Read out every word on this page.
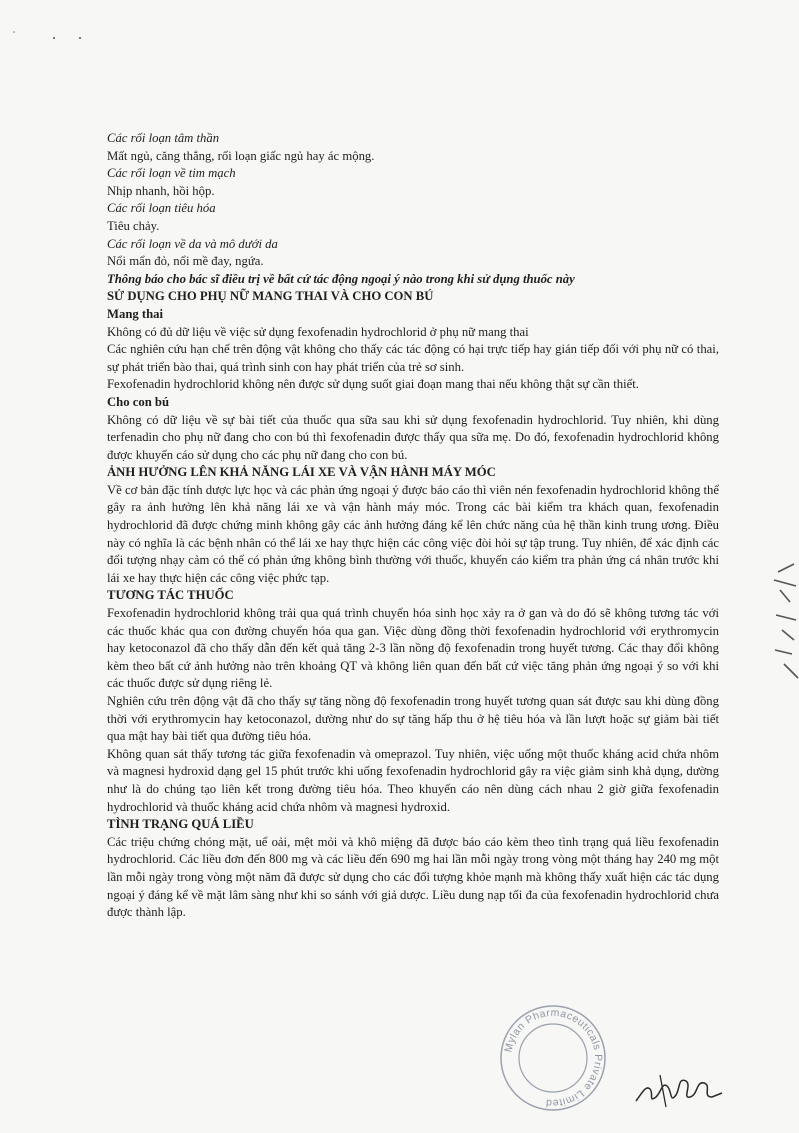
Các rối loạn tâm thần

Mất ngủ, căng thẳng, rối loạn giấc ngủ hay ác mộng.

Các rối loạn về tim mạch

Nhịp nhanh, hồi hộp.

Các rối loạn tiêu hóa

Tiêu chảy.

Các rối loạn về da và mô dưới da

Nổi mẩn đỏ, nổi mề đay, ngứa.

Thông báo cho bác sĩ điều trị về bất cứ tác động ngoại ý nào trong khi sử dụng thuốc này

SỬ DỤNG CHO PHỤ NỮ MANG THAI VÀ CHO CON BÚ

Mang thai

Không có đủ dữ liệu về việc sử dụng fexofenadin hydrochlorid ở phụ nữ mang thai

Các nghiên cứu hạn chế trên động vật không cho thấy các tác động có hại trực tiếp hay gián tiếp đối với phụ nữ có thai, sự phát triển bào thai, quá trình sinh con hay phát triển của trẻ sơ sinh.

Fexofenadin hydrochlorid không nên được sử dụng suốt giai đoạn mang thai nếu không thật sự cần thiết.

Cho con bú

Không có dữ liệu về sự bài tiết của thuốc qua sữa sau khi sử dụng fexofenadin hydrochlorid. Tuy nhiên, khi dùng terfenadin cho phụ nữ đang cho con bú thì fexofenadin được thấy qua sữa mẹ. Do đó, fexofenadin hydrochlorid không được khuyến cáo sử dụng cho các phụ nữ đang cho con bú.

ẢNH HƯỞNG LÊN KHẢ NĂNG LÁI XE VÀ VẬN HÀNH MÁY MÓC

Về cơ bản đặc tính dược lực học và các phản ứng ngoại ý được báo cáo thì viên nén fexofenadin hydrochlorid không thể gây ra ảnh hưởng lên khả năng lái xe và vận hành máy móc. Trong các bài kiểm tra khách quan, fexofenadin hydrochlorid đã được chứng minh không gây các ảnh hưởng đáng kể lên chức năng của hệ thần kinh trung ương. Điều này có nghĩa là các bệnh nhân có thể lái xe hay thực hiện các công việc đòi hỏi sự tập trung. Tuy nhiên, để xác định các đối tượng nhạy cảm có thể có phản ứng không bình thường với thuốc, khuyến cáo kiểm tra phản ứng cá nhân trước khi lái xe hay thực hiện các công việc phức tạp.

TƯƠNG TÁC THUỐC

Fexofenadin hydrochlorid không trải qua quá trình chuyển hóa sinh học xảy ra ở gan và do đó sẽ không tương tác với các thuốc khác qua con đường chuyển hóa qua gan. Việc dùng đồng thời fexofenadin hydrochlorid với erythromycin hay ketoconazol đã cho thấy dẫn đến kết quả tăng 2-3 lần nồng độ fexofenadin trong huyết tương. Các thay đổi không kèm theo bất cứ ảnh hưởng nào trên khoảng QT và không liên quan đến bất cứ việc tăng phản ứng ngoại ý so với khi các thuốc được sử dụng riêng lẻ.

Nghiên cứu trên động vật đã cho thấy sự tăng nồng độ fexofenadin trong huyết tương quan sát được sau khi dùng đồng thời với erythromycin hay ketoconazol, dường như do sự tăng hấp thu ở hệ tiêu hóa và lần lượt hoặc sự giảm bài tiết qua mật hay bài tiết qua đường tiêu hóa.

Không quan sát thấy tương tác giữa fexofenadin và omeprazol. Tuy nhiên, việc uống một thuốc kháng acid chứa nhôm và magnesi hydroxid dạng gel 15 phút trước khi uống fexofenadin hydrochlorid gây ra việc giảm sinh khả dụng, dường như là do chúng tạo liên kết trong đường tiêu hóa. Theo khuyến cáo nên dùng cách nhau 2 giờ giữa fexofenadin hydrochlorid và thuốc kháng acid chứa nhôm và magnesi hydroxid.

TÌNH TRẠNG QUÁ LIỀU

Các triệu chứng chóng mặt, uể oải, mệt mỏi và khô miệng đã được báo cáo kèm theo tình trạng quá liều fexofenadin hydrochlorid. Các liều đơn đến 800 mg và các liều đến 690 mg hai lần mỗi ngày trong vòng một tháng hay 240 mg một lần mỗi ngày trong vòng một năm đã được sử dụng cho các đối tượng khỏe mạnh mà không thấy xuất hiện các tác dụng ngoại ý đáng kể về mặt lâm sàng như khi so sánh với giả dược. Liều dung nạp tối đa của fexofenadin hydrochlorid chưa được thành lập.

Mylan Pharmaceuticals Private Limited
